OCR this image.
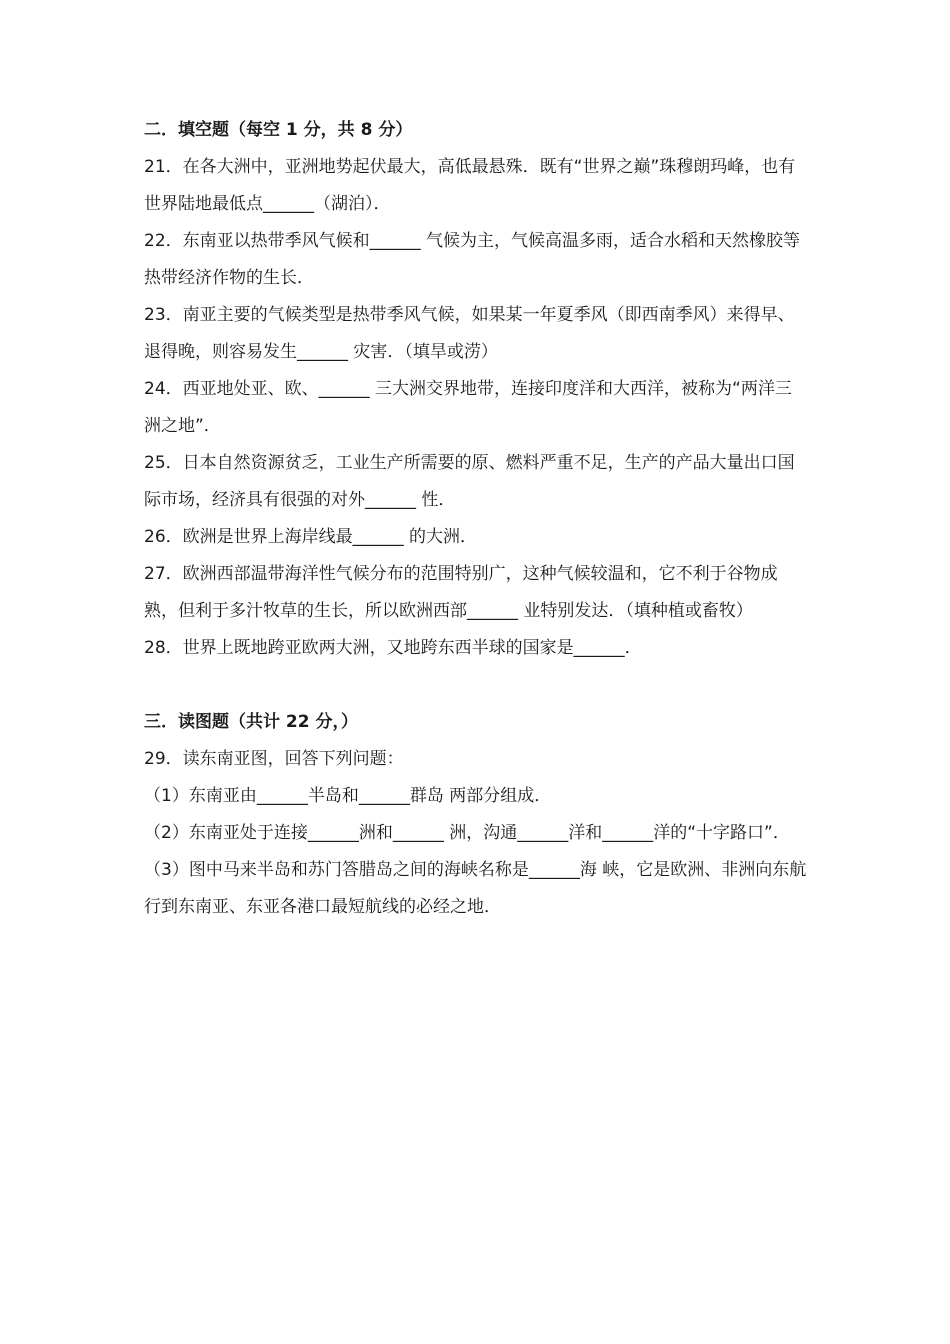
二．填空题（每空 1 分，共 8 分）

21．在各大洲中，亚洲地势起伏最大，高低最悬殊．既有“世界之巅”珠穆朗玛峰，也有世界陆地最低点______（湖泊）．

22．东南亚以热带季风气候和______ 气候为主，气候高温多雨，适合水稻和天然橡胶等热带经济作物的生长．

23．南亚主要的气候类型是热带季风气候，如果某一年夏季风（即西南季风）来得早、退得晚，则容易发生______ 灾害．（填旱或涝）

24．西亚地处亚、欧、______ 三大洲交界地带，连接印度洋和大西洋，被称为“两洋三洲之地”．

25．日本自然资源贫乏，工业生产所需要的原、燃料严重不足，生产的产品大量出口国际市场，经济具有很强的对外______ 性．

26．欧洲是世界上海岸线最______ 的大洲．

27．欧洲西部温带海洋性气候分布的范围特别广，这种气候较温和，它不利于谷物成熟，但利于多汁牧草的生长，所以欧洲西部______ 业特别发达．（填种植或畜牧）

28．世界上既地跨亚欧两大洲，又地跨东西半球的国家是______．

三．读图题（共计 22 分，）

29．读东南亚图，回答下列问题：

（1）东南亚由______半岛和______群岛 两部分组成．

（2）东南亚处于连接______洲和______ 洲，沟通______洋和______洋的“十字路口”．

（3）图中马来半岛和苏门答腊岛之间的海峡名称是______海 峡，它是欧洲、非洲向东航行到东南亚、东亚各港口最短航线的必经之地．
